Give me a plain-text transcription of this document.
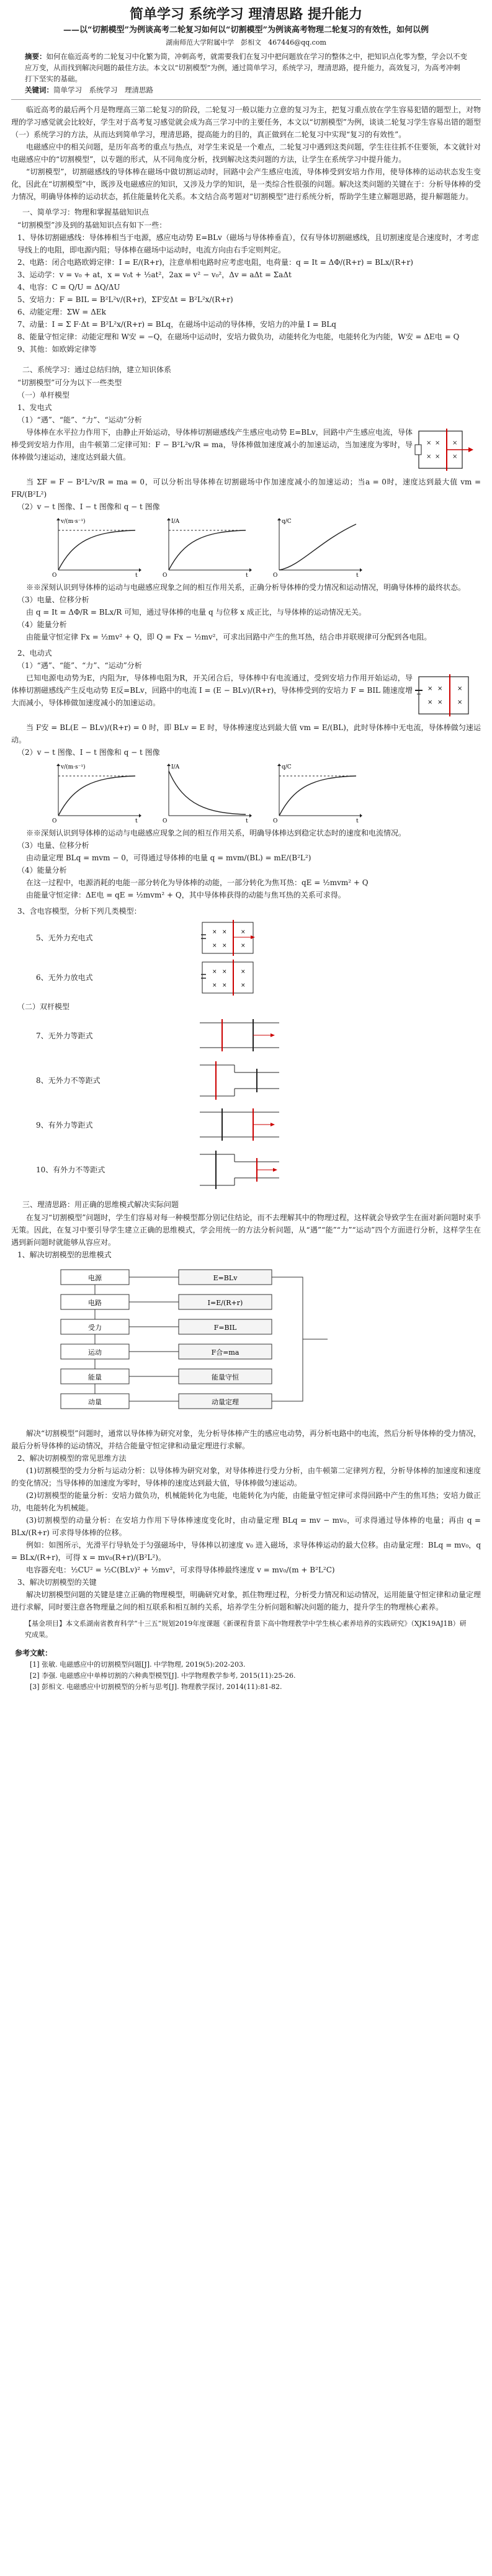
简单学习 系统学习 理清思路 提升能力
——以“切割模型”为例谈高考二轮复习如何以“切割模型”为例谈高考物理二轮复习的有效性，如何以例
湖南师范大学附属中学　彭相文　467446@qq.com
摘要：如何在临近高考的二轮复习中化繁为简，冲刺高考，就需要我们在复习中把问题放在学习的整体之中，把知识点化零为整，学会以不变应万变，从而找到解决问题的最佳方法。本文以“切割模型”为例，通过简单学习，系统学习，理清思路，提升能力，高效复习，为高考冲刺打下坚实的基础。
关键词：简单学习　系统学习　理清思路

临近高考的最后两个月是物理高三第二轮复习的阶段，二轮复习一般以能力立意的复习为主，把复习重点放在学生容易犯错的题型上，对物理的学习感觉就会比较好，学生对于高考复习感觉就会成为高三学习中的主要任务，本文以“切割模型”为例，谈谈二轮复习学生容易出错的题型（一）系统学习的方法，从而达到简单学习，理清思路，提高能力的目的，真正做到在二轮复习中实现“复习的有效性”。

电磁感应中的相关问题，是历年高考的重点与热点，对学生来说是一个难点，二轮复习中遇到这类问题，学生往往抓不住要领，本文就针对电磁感应中的“切割模型”，以专题的形式，从不同角度分析，找到解决这类问题的方法，让学生在系统学习中提升能力。

“切割模型”，切割磁感线的导体棒在磁场中做切割运动时，回路中会产生感应电流，导体棒受到安培力作用，使导体棒的运动状态发生变化，因此在“切割模型”中，既涉及电磁感应的知识，又涉及力学的知识，是一类综合性很强的问题。解决这类问题的关键在于：分析导体棒的受力情况，明确导体棒的运动状态，抓住能量转化关系。本文结合高考题对“切割模型”进行系统分析，帮助学生建立解题思路，提升解题能力。

一、简单学习：物理和掌握基础知识点

“切割模型”涉及到的基础知识点有如下一些：

1、导体切割磁感线：导体棒相当于电源，感应电动势 E=BLv（磁场与导体棒垂直），仅有导体切割磁感线，且切割速度是合速度时，才考虑导线上的电阻，即电源内阻；导体棒在磁场中运动时，电流方向由右手定则判定。

2、电路：闭合电路欧姆定律：I = E/(R+r)，注意单相电路时应考虑电阻，电荷量：q = It = ΔΦ/(R+r) = BLx/(R+r)

3、运动学：v = v₀ + at，x = v₀t + ½at²，2ax = v² − v₀²，Δv = aΔt = ΣaΔt

4、电容：C = Q/U = ΔQ/ΔU

5、安培力：F = BIL = B²L²v/(R+r)，ΣF安Δt = B²L²x/(R+r)

6、动能定理：ΣW = ΔEk

7、动量：I = Σ F·Δt = B²L²x/(R+r) = BLq，在磁场中运动的导体棒，安培力的冲量 I = BLq

8、能量守恒定律：动能定理和 W安 = −Q，在磁场中运动时，安培力做负功，动能转化为电能，电能转化为内能，W安 = ΔE电 = Q

9、其他：如欧姆定律等

二、系统学习：通过总结归纳，建立知识体系

“切割模型”可分为以下一些类型

（一）单杆模型

1、发电式

（1）“遇”、“能”、“力”、“运动”分析

导体棒在水平拉力作用下，由静止开始运动，导体棒切割磁感线产生感应电动势 E=BLv，回路中产生感应电流，导体棒受到安培力作用，由牛顿第二定律可知：F − B²L²v/R = ma，导体棒做加速度减小的加速运动，当加速度为零时，导体棒做匀速运动，速度达到最大值。

× × ×
× × ×

当 ΣF = F − B²L²v/R = ma = 0，可以分析出导体棒在切割磁场中作加速度减小的加速运动；当a = 0时，速度达到最大值 vm = FR/(B²L²)

（2）v − t 图像、I − t 图像和 q − t 图像

v/(m·s⁻¹)
t
O
I/A
t
O
q/C
t
O

※※深刻认识到导体棒的运动与电磁感应现象之间的相互作用关系，正确分析导体棒的受力情况和运动情况，明确导体棒的最终状态。

（3）电量、位移分析

由 q = It = ΔΦ/R = BLx/R 可知，通过导体棒的电量 q 与位移 x 成正比，与导体棒的运动情况无关。

（4）能量分析

由能量守恒定律 Fx = ½mv² + Q，即 Q = Fx − ½mv²，可求出回路中产生的焦耳热，结合串并联规律可分配到各电阻。

2、电动式

（1）“遇”、“能”、“力”、“运动”分析

已知电源电动势为E，内阻为r，导体棒电阻为R，开关闭合后，导体棒中有电流通过，受到安培力作用开始运动，导体棒切割磁感线产生反电动势 E反=BLv，回路中的电流 I = (E − BLv)/(R+r)，导体棒受到的安培力 F = BIL 随速度增大而减小，导体棒做加速度减小的加速运动。

× × ×
× × ×

当 F安 = BL(E − BLv)/(R+r) = 0 时，即 BLv = E 时，导体棒速度达到最大值 vm = E/(BL)，此时导体棒中无电流，导体棒做匀速运动。

（2）v − t 图像、I − t 图像和 q − t 图像

v/(m·s⁻¹)
t
O
I/A
t
O
q/C
t
O

※※深刻认识到导体棒的运动与电磁感应现象之间的相互作用关系，明确导体棒达到稳定状态时的速度和电流情况。

（3）电量、位移分析

由动量定理 BLq = mvm − 0，可得通过导体棒的电量 q = mvm/(BL) = mE/(B²L²)

（4）能量分析

在这一过程中，电源消耗的电能一部分转化为导体棒的动能，一部分转化为焦耳热：qE = ½mvm² + Q

由能量守恒定律：ΔE电 = qE = ½mvm² + Q，其中导体棒获得的动能与焦耳热的关系可求得。

3、含电容模型，分析下列几类模型：

5、无外力充电式
× × ×
× × ×
6、无外力放电式
× × ×
× × ×

（二）双杆模型

7、无外力等距式
8、无外力不等距式
9、有外力等距式
10、有外力不等距式
三、理清思路：用正确的思维模式解决实际问题

在复习“切割模型”问题时，学生们容易对每一种模型都分别记住结论，而不去理解其中的物理过程，这样就会导致学生在面对新问题时束手无策。因此，在复习中要引导学生建立正确的思维模式，学会用统一的方法分析问题，从“遇”“能”“力”“运动”四个方面进行分析，这样学生在遇到新问题时就能够从容应对。

1、解决切割模型的思维模式

电源
电路
受力
运动
能量
动量
E=BLv
I=E/(R+r)
F=BIL
F合=ma
能量守恒
动量定理

解决“切割模型”问题时，通常以导体棒为研究对象，先分析导体棒产生的感应电动势，再分析电路中的电流，然后分析导体棒的受力情况，最后分析导体棒的运动情况，并结合能量守恒定律和动量定理进行求解。

2、解决切割模型的常见思维方法

(1)切割模型的受力分析与运动分析：以导体棒为研究对象，对导体棒进行受力分析，由牛顿第二定律列方程，分析导体棒的加速度和速度的变化情况；当导体棒的加速度为零时，导体棒的速度达到最大值，导体棒做匀速运动。

(2)切割模型的能量分析：安培力做负功，机械能转化为电能，电能转化为内能，由能量守恒定律可求得回路中产生的焦耳热；安培力做正功，电能转化为机械能。

(3)切割模型的动量分析：在安培力作用下导体棒速度变化时，由动量定理 BLq = mv − mv₀，可求得通过导体棒的电量；再由 q = BLx/(R+r) 可求得导体棒的位移。

例如：如图所示，光滑平行导轨处于匀强磁场中，导体棒以初速度 v₀ 进入磁场，求导体棒运动的最大位移。由动量定理：BLq = mv₀，q = BLx/(R+r)，可得 x = mv₀(R+r)/(B²L²)。

电容器充电：½CU² = ½C(BLv)² + ½mv²，可求得导体棒最终速度 v = mv₀/(m + B²L²C)

3、解决切割模型的关键

解决切割模型问题的关键是建立正确的物理模型，明确研究对象，抓住物理过程，分析受力情况和运动情况，运用能量守恒定律和动量定理进行求解，同时要注意各物理量之间的相互联系和相互制约关系，培养学生分析问题和解决问题的能力，提升学生的物理核心素养。

【基金项目】本文系湖南省教育科学“十三五”规划2019年度课题《新课程背景下高中物理教学中学生核心素养培养的实践研究》（XJK19AJ1B）研究成果。
参考文献：
[1] 张敏. 电磁感应中的切割模型问题[J]. 中学物理, 2019(5):202-203.
[2] 李强. 电磁感应中单棒切割的六种典型模型[J]. 中学物理教学参考, 2015(11):25-26.
[3] 彭相文. 电磁感应中切割模型的分析与思考[J]. 物理教学探讨, 2014(11):81-82.
